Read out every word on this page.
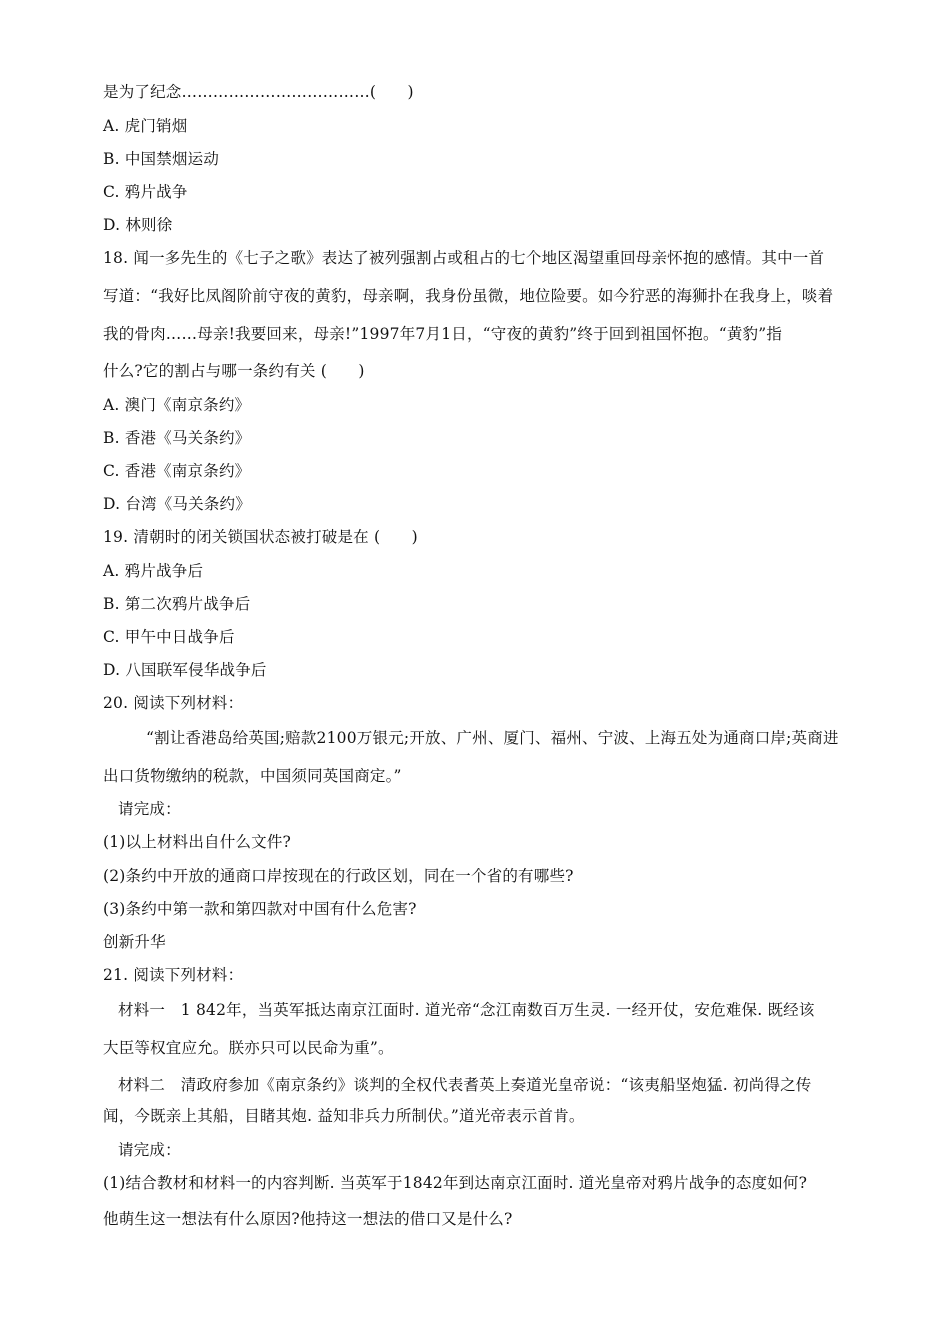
是为了纪念………………………………(　　)
A. 虎门销烟
B. 中国禁烟运动
C. 鸦片战争
D. 林则徐
18. 闻一多先生的《七子之歌》表达了被列强割占或租占的七个地区渴望重回母亲怀抱的感情。其中一首
写道：“我好比凤阁阶前守夜的黄豹，母亲啊，我身份虽微，地位险要。如今狞恶的海狮扑在我身上，啖着
我的骨肉……母亲!我要回来，母亲!”1997年7月1日，“守夜的黄豹”终于回到祖国怀抱。“黄豹”指
什么?它的割占与哪一条约有关 (　　)
A. 澳门《南京条约》
B. 香港《马关条约》
C. 香港《南京条约》
D. 台湾《马关条约》
19. 清朝时的闭关锁国状态被打破是在 (　　)
A. 鸦片战争后
B. 第二次鸦片战争后
C. 甲午中日战争后
D. 八国联军侵华战争后
20. 阅读下列材料：
“割让香港岛给英国;赔款2100万银元;开放、广州、厦门、福州、宁波、上海五处为通商口岸;英商进
出口货物缴纳的税款，中国须同英国商定。”
请完成：
(1)以上材料出自什么文件?
(2)条约中开放的通商口岸按现在的行政区划，同在一个省的有哪些?
(3)条约中第一款和第四款对中国有什么危害?
创新升华
21. 阅读下列材料：
材料一　1 842年，当英军抵达南京江面时. 道光帝“念江南数百万生灵. 一经开仗，安危难保. 既经该
大臣等权宜应允。朕亦只可以民命为重”。
材料二　清政府参加《南京条约》谈判的全权代表耆英上奏道光皇帝说：“该夷船坚炮猛. 初尚得之传
闻，今既亲上其船，目睹其炮. 益知非兵力所制伏。”道光帝表示首肯。
请完成：
(1)结合教材和材料一的内容判断. 当英军于1842年到达南京江面时. 道光皇帝对鸦片战争的态度如何?
他萌生这一想法有什么原因?他持这一想法的借口又是什么?
